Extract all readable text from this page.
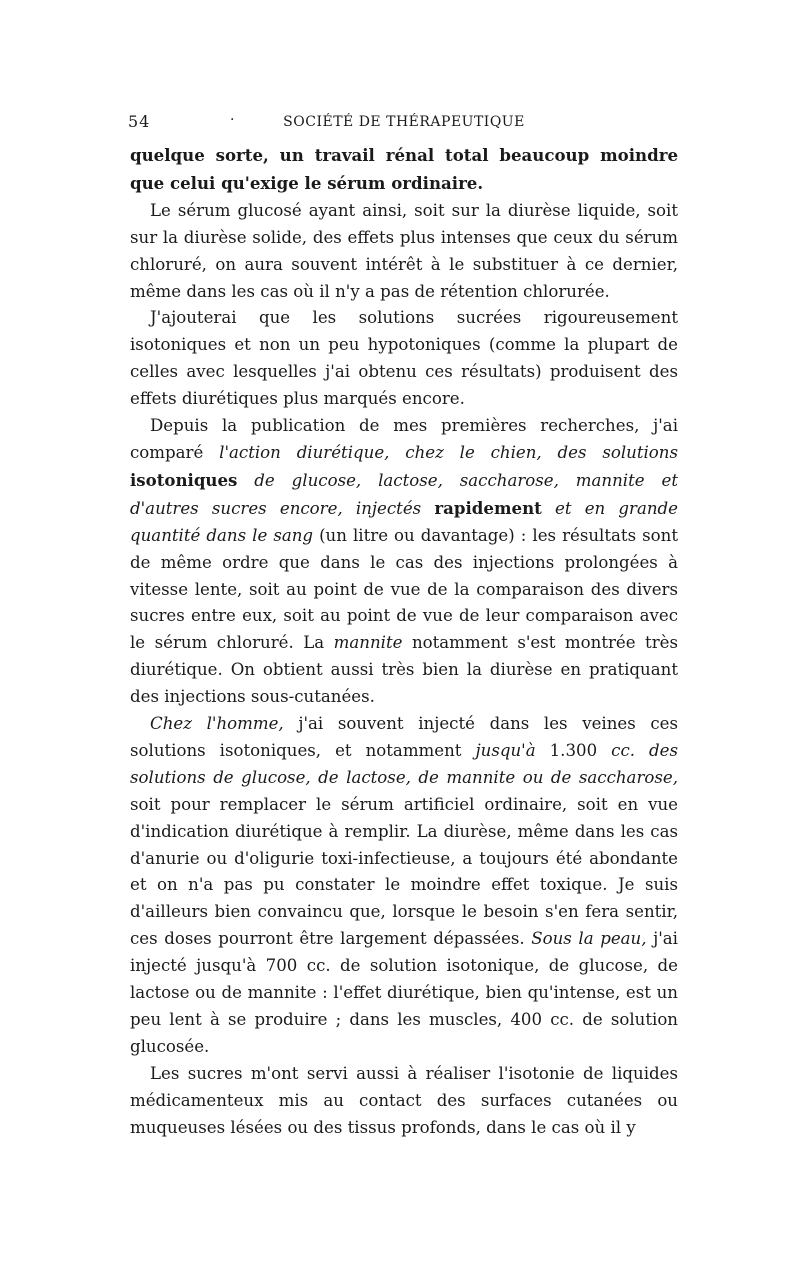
54	·	SOCIÉTÉ DE THÉRAPEUTIQUE

quelque sorte, un travail rénal total beaucoup moindre que celui qu'exige le sérum ordinaire.

Le sérum glucosé ayant ainsi, soit sur la diurèse liquide, soit sur la diurèse solide, des effets plus intenses que ceux du sérum chloruré, on aura souvent intérêt à le substituer à ce dernier, même dans les cas où il n'y a pas de rétention chlorurée.

J'ajouterai que les solutions sucrées rigoureusement isotoniques et non un peu hypotoniques (comme la plupart de celles avec lesquelles j'ai obtenu ces résultats) produisent des effets diurétiques plus marqués encore.

Depuis la publication de mes premières recherches, j'ai comparé l'action diurétique, chez le chien, des solutions isotoniques de glucose, lactose, saccharose, mannite et d'autres sucres encore, injectés rapidement et en grande quantité dans le sang (un litre ou davantage) : les résultats sont de même ordre que dans le cas des injections prolongées à vitesse lente, soit au point de vue de la comparaison des divers sucres entre eux, soit au point de vue de leur comparaison avec le sérum chloruré. La mannite notamment s'est montrée très diurétique. On obtient aussi très bien la diurèse en pratiquant des injections sous-cutanées.

Chez l'homme, j'ai souvent injecté dans les veines ces solutions isotoniques, et notamment jusqu'à 1.300 cc. des solutions de glucose, de lactose, de mannite ou de saccharose, soit pour remplacer le sérum artificiel ordinaire, soit en vue d'indication diurétique à remplir. La diurèse, même dans les cas d'anurie ou d'oligurie toxi-infectieuse, a toujours été abondante et on n'a pas pu constater le moindre effet toxique. Je suis d'ailleurs bien convaincu que, lorsque le besoin s'en fera sentir, ces doses pourront être largement dépassées. Sous la peau, j'ai injecté jusqu'à 700 cc. de solution isotonique, de glucose, de lactose ou de mannite : l'effet diurétique, bien qu'intense, est un peu lent à se produire ; dans les muscles, 400 cc. de solution glucosée.

Les sucres m'ont servi aussi à réaliser l'isotonie de liquides médicamenteux mis au contact des surfaces cutanées ou muqueuses lésées ou des tissus profonds, dans le cas où il y
